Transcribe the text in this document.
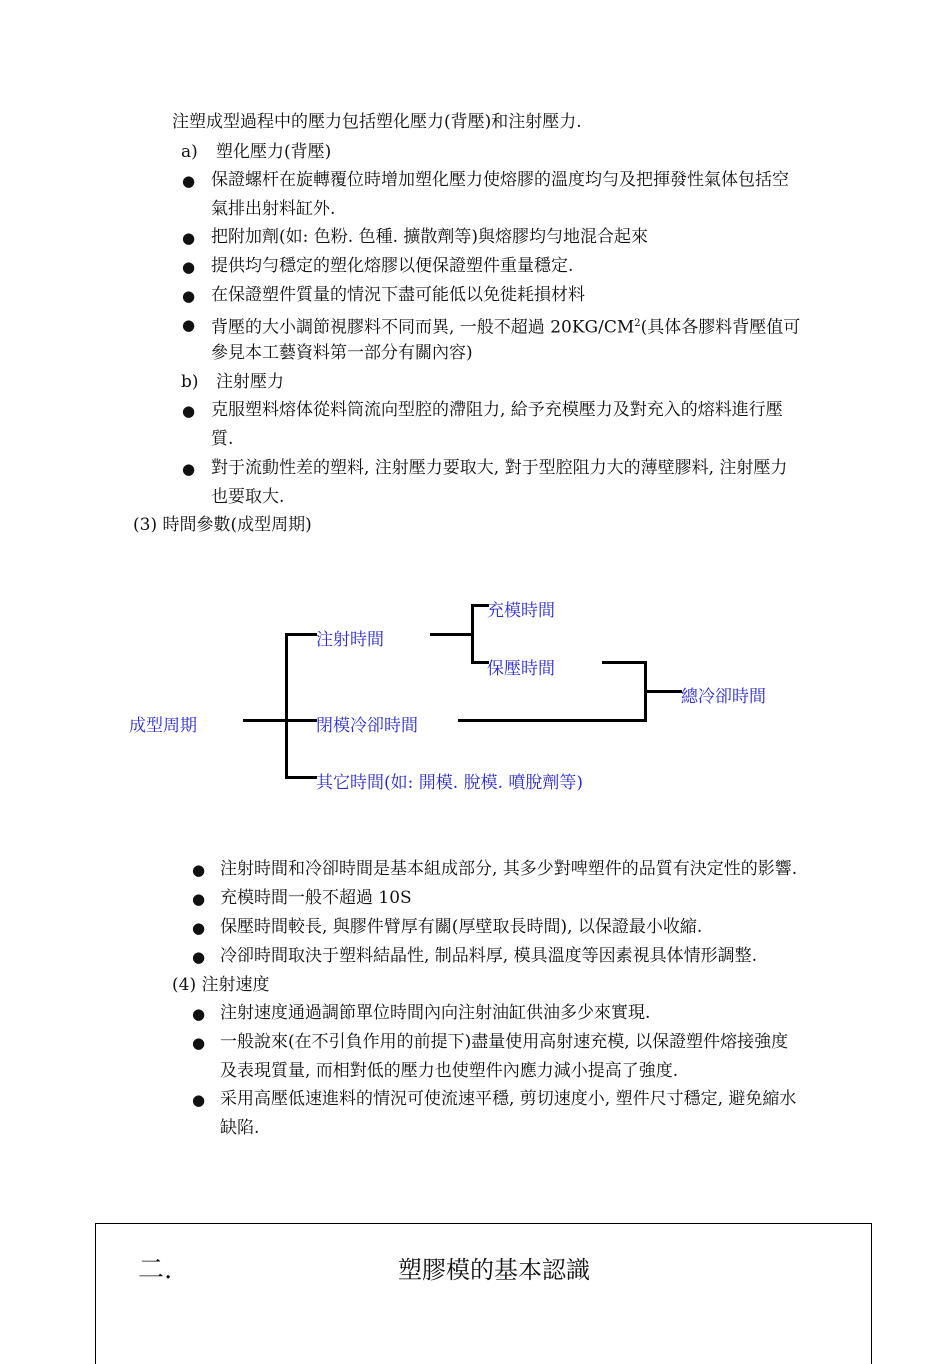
注塑成型過程中的壓力包括塑化壓力(背壓)和注射壓力.
a) 塑化壓力(背壓)
● 保證螺杆在旋轉覆位時增加塑化壓力使熔膠的溫度均勻及把揮發性氣体包括空
氣排出射料缸外.
● 把附加劑(如: 色粉. 色種. 擴散劑等)與熔膠均勻地混合起來
● 提供均勻穩定的塑化熔膠以便保證塑件重量穩定.
● 在保證塑件質量的情況下盡可能低以免徙耗損材料
● 背壓的大小調節視膠料不同而異, 一般不超過 $20KG/CM^2$(具体各膠料背壓值可
參見本工藝資料第一部分有關內容)
b) 注射壓力
● 克服塑料熔体從料筒流向型腔的滯阻力, 給予充模壓力及對充入的熔料進行壓
質.
● 對于流動性差的塑料, 注射壓力要取大, 對于型腔阻力大的薄壁膠料, 注射壓力
也要取大.
(3) 時間參數(成型周期)
成型周期
注射時間
充模時間
保壓時間
閉模冷卻時間
其它時間(如: 開模. 脫模. 噴脫劑等)
總冷卻時間
● 注射時間和冷卻時間是基本組成部分, 其多少對啤塑件的品質有決定性的影響.
● 充模時間一般不超過 10S
● 保壓時間較長, 與膠件臂厚有關(厚壁取長時間), 以保證最小收縮.
● 冷卻時間取決于塑料結晶性, 制品料厚, 模具溫度等因素視具体情形調整.
(4) 注射速度
● 注射速度通過調節單位時間內向注射油缸供油多少來實現.
● 一般說來(在不引負作用的前提下)盡量使用高射速充模, 以保證塑件熔接強度
及表現質量, 而相對低的壓力也使塑件內應力減小提高了強度.
● 采用高壓低速進料的情況可使流速平穩, 剪切速度小, 塑件尺寸穩定, 避免縮水
缺陷.
二.	塑膠模的基本認識
